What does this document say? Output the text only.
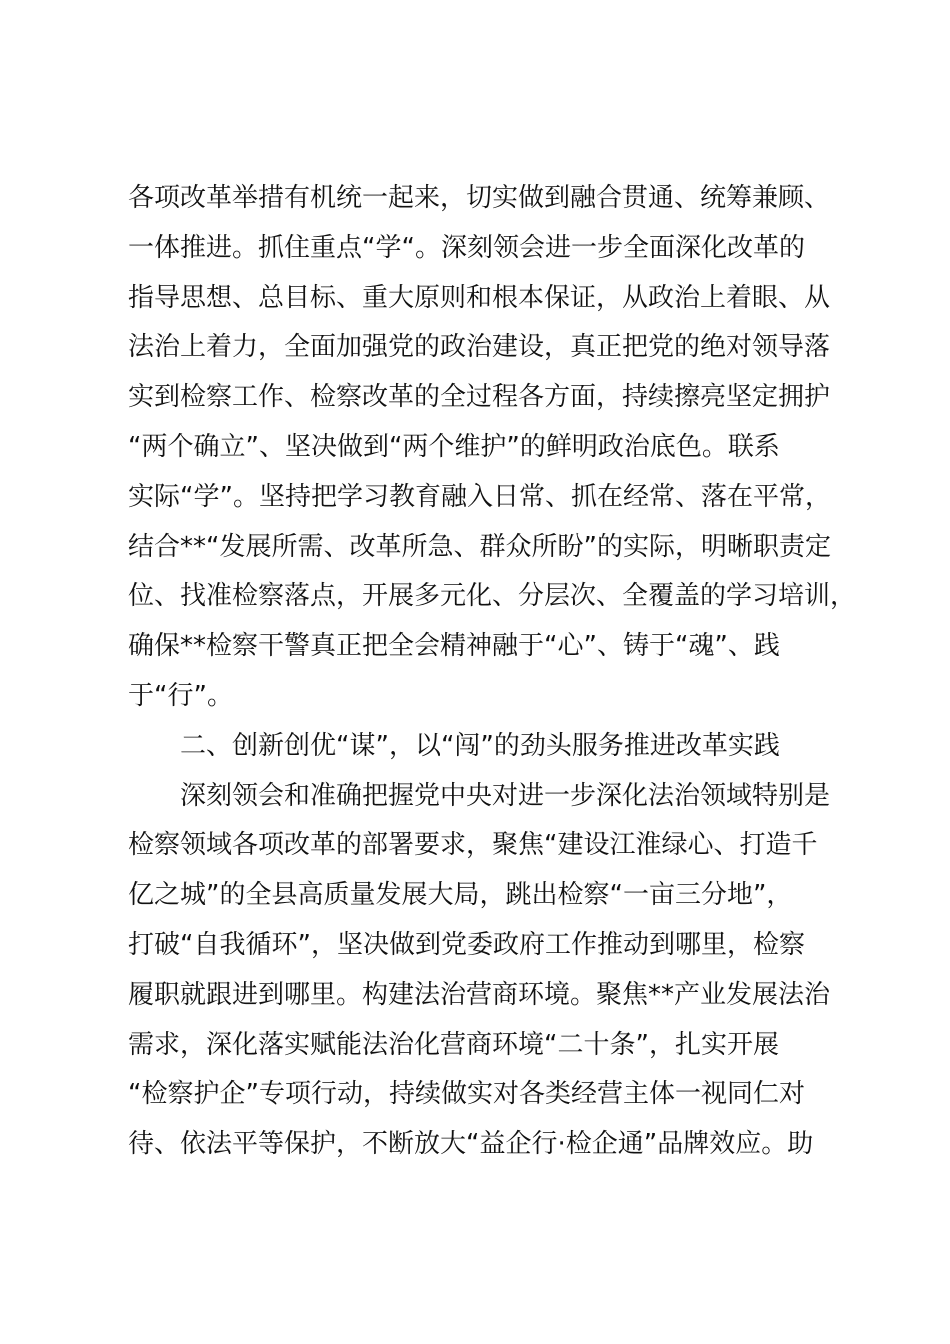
各项改革举措有机统一起来，切实做到融合贯通、统筹兼顾、
一体推进。抓住重点“学“。深刻领会进一步全面深化改革的
指导思想、总目标、重大原则和根本保证，从政治上着眼、从
法治上着力，全面加强党的政治建设，真正把党的绝对领导落
实到检察工作、检察改革的全过程各方面，持续擦亮坚定拥护
“两个确立”、坚决做到“两个维护”的鲜明政治底色。联系
实际“学”。坚持把学习教育融入日常、抓在经常、落在平常，
结合**“发展所需、改革所急、群众所盼”的实际，明晰职责定
位、找准检察落点，开展多元化、分层次、全覆盖的学习培训，
确保**检察干警真正把全会精神融于“心”、铸于“魂”、践
于“行”。
二、创新创优“谋”，以“闯”的劲头服务推进改革实践
深刻领会和准确把握党中央对进一步深化法治领域特别是
检察领域各项改革的部署要求，聚焦“建设江淮绿心、打造千
亿之城”的全县高质量发展大局，跳出检察“一亩三分地”，
打破“自我循环”，坚决做到党委政府工作推动到哪里，检察
履职就跟进到哪里。构建法治营商环境。聚焦**产业发展法治
需求，深化落实赋能法治化营商环境“二十条”，扎实开展
“检察护企”专项行动，持续做实对各类经营主体一视同仁对
待、依法平等保护，不断放大“益企行·检企通”品牌效应。助
